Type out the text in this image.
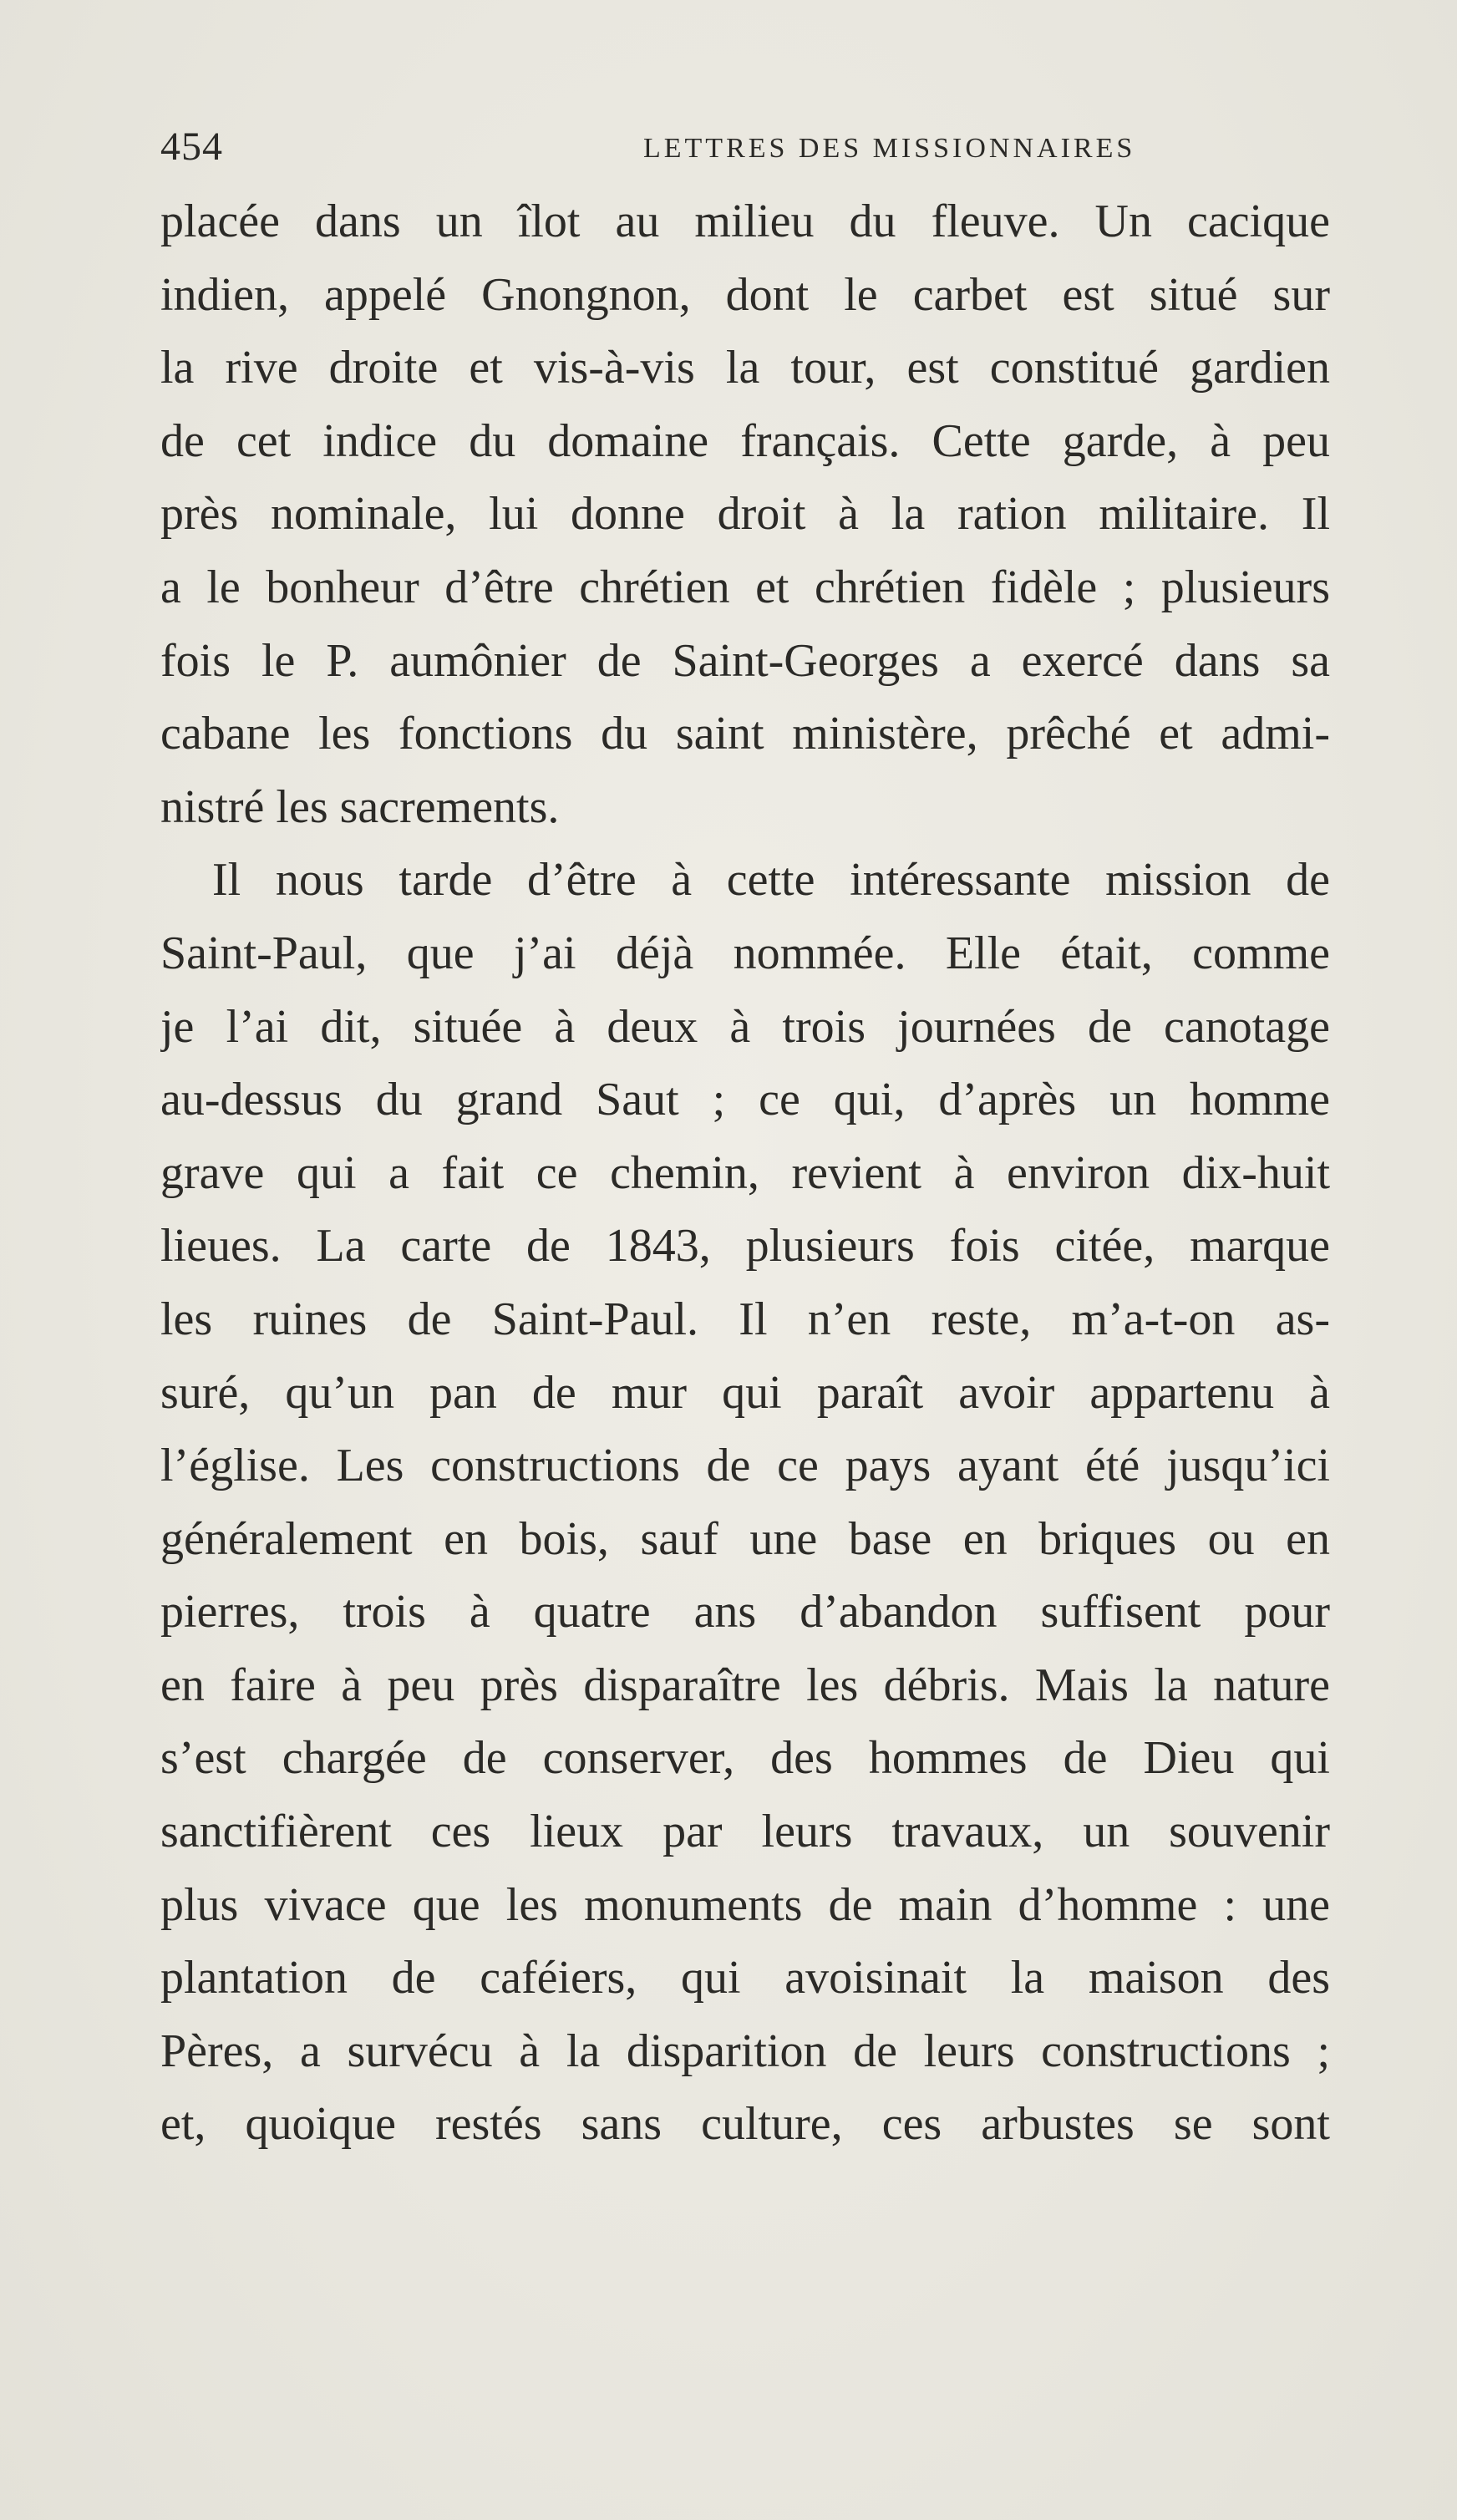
454	LETTRES DES MISSIONNAIRES
placée dans un îlot au milieu du fleuve. Un cacique
indien, appelé Gnongnon, dont le carbet est situé sur
la rive droite et vis-à-vis la tour, est constitué gardien
de cet indice du domaine français. Cette garde, à peu
près nominale, lui donne droit à la ration militaire. Il
a le bonheur d’être chrétien et chrétien fidèle ; plusieurs
fois le P. aumônier de Saint-Georges a exercé dans sa
cabane les fonctions du saint ministère, prêché et admi-
nistré les sacrements.
Il nous tarde d’être à cette intéressante mission de
Saint-Paul, que j’ai déjà nommée. Elle était, comme
je l’ai dit, située à deux à trois journées de canotage
au-dessus du grand Saut ; ce qui, d’après un homme
grave qui a fait ce chemin, revient à environ dix-huit
lieues. La carte de 1843, plusieurs fois citée, marque
les ruines de Saint-Paul. Il n’en reste, m’a-t-on as-
suré, qu’un pan de mur qui paraît avoir appartenu à
l’église. Les constructions de ce pays ayant été jusqu’ici
généralement en bois, sauf une base en briques ou en
pierres, trois à quatre ans d’abandon suffisent pour
en faire à peu près disparaître les débris. Mais la nature
s’est chargée de conserver, des hommes de Dieu qui
sanctifièrent ces lieux par leurs travaux, un souvenir
plus vivace que les monuments de main d’homme : une
plantation de caféiers, qui avoisinait la maison des
Pères, a survécu à la disparition de leurs constructions ;
et, quoique restés sans culture, ces arbustes se sont
